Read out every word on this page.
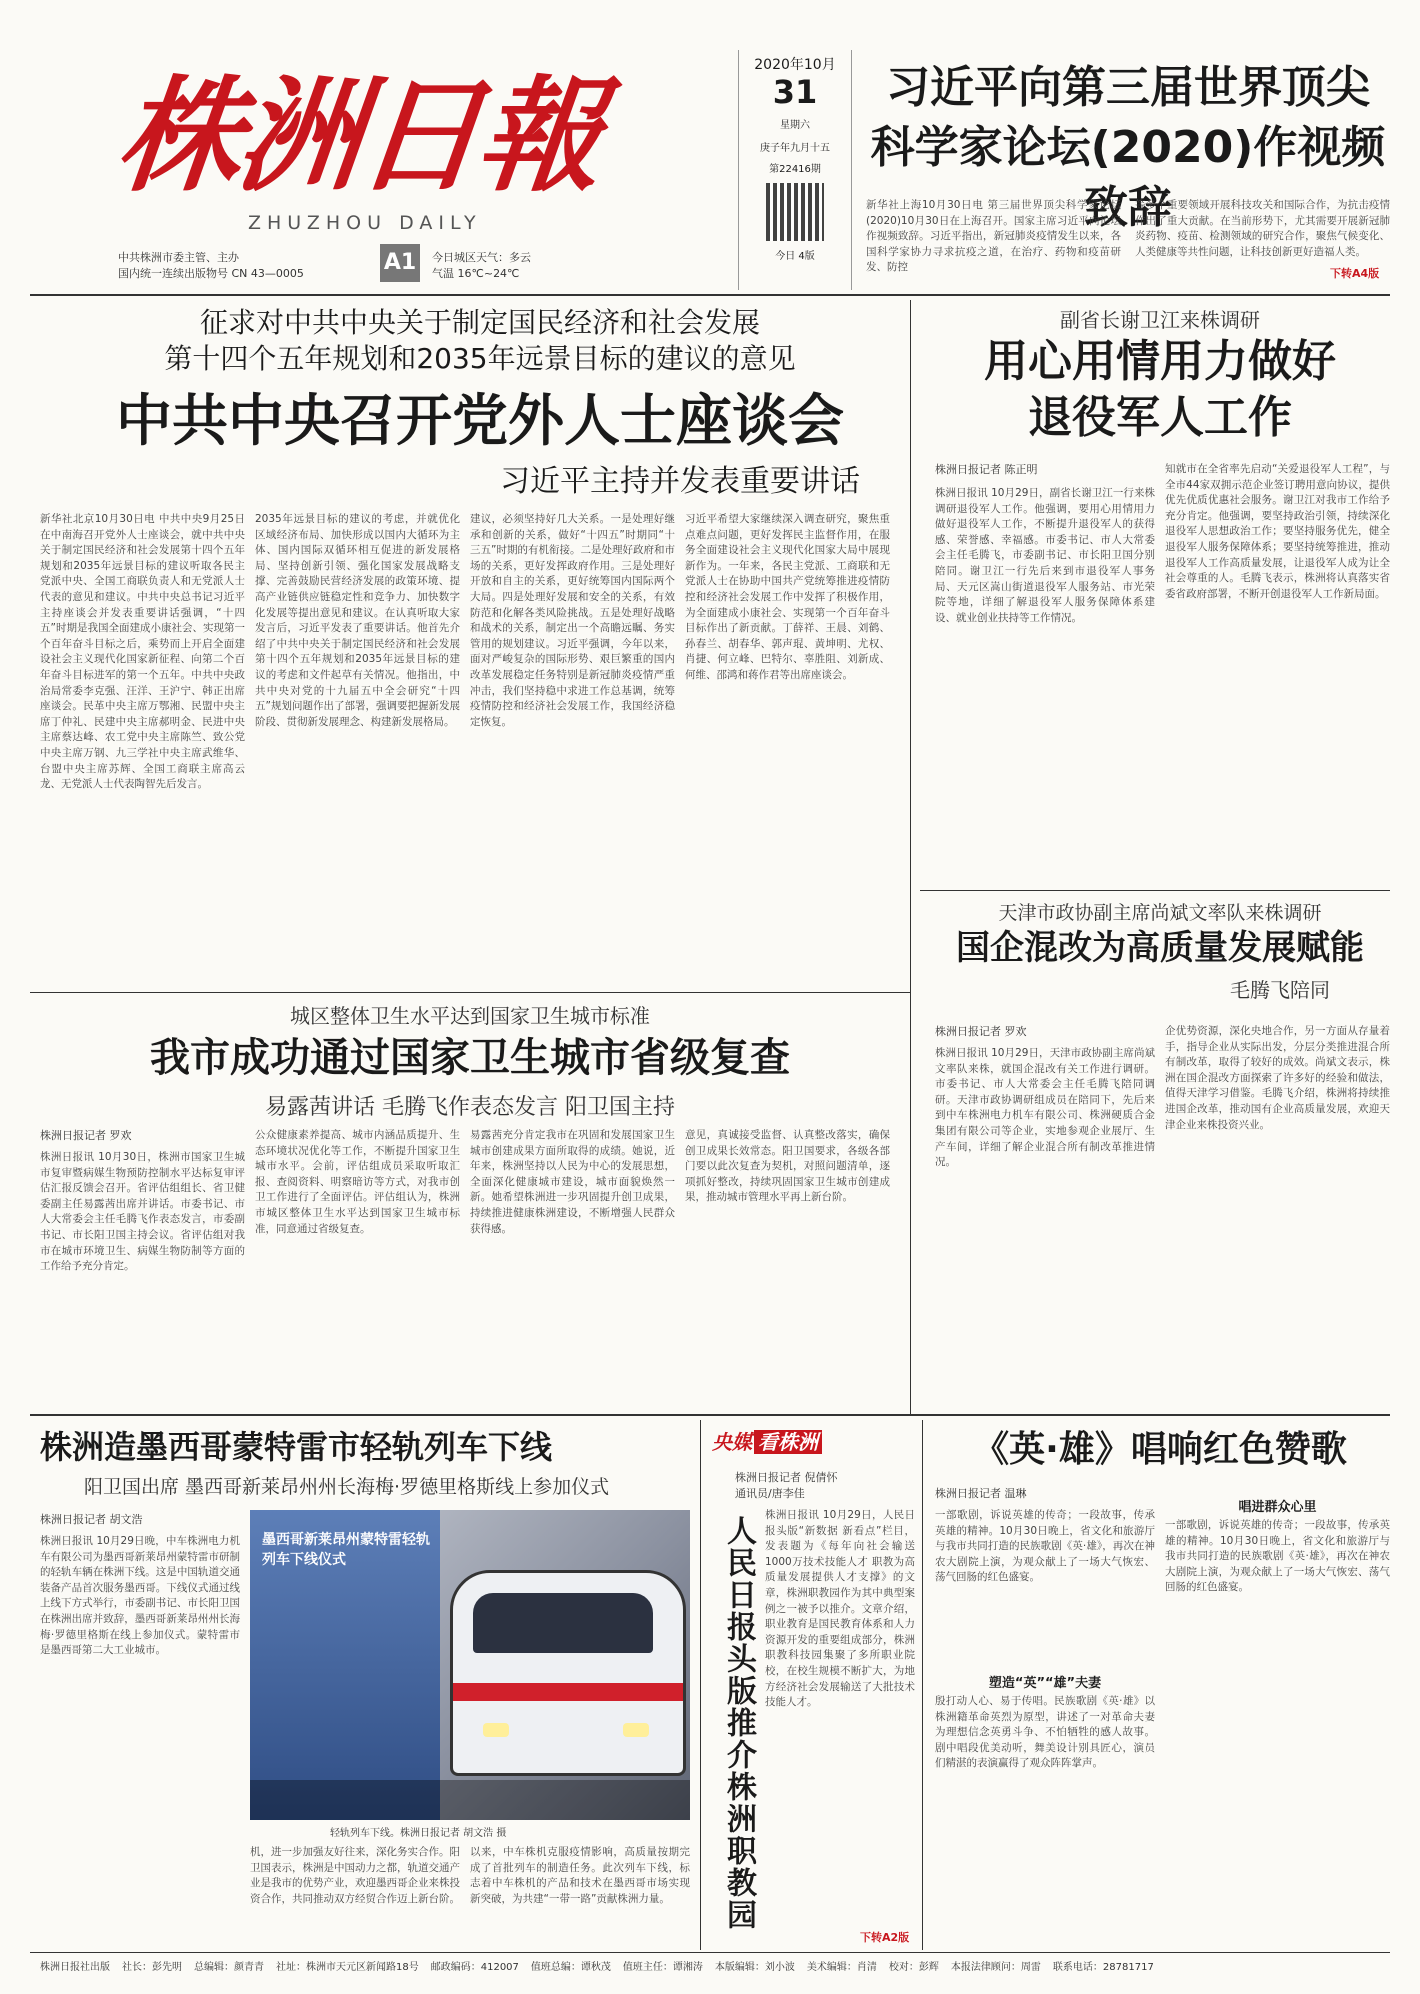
株洲日報
ZHUZHOU DAILY
中共株洲市委主管、主办
国内统一连续出版物号 CN 43—0005	A1	今日城区天气：多云
气温 16℃~24℃
2020年10月
31
星期六
庚子年九月十五
第22416期
今日 4版
习近平向第三届世界顶尖
科学家论坛(2020)作视频致辞
新华社上海10月30日电 第三届世界顶尖科学家论坛(2020)10月30日在上海召开。国家主席习近平向论坛作视频致辞。习近平指出，新冠肺炎疫情发生以来，各国科学家协力寻求抗疫之道，在治疗、药物和疫苗研发、防控
等多个重要领域开展科技攻关和国际合作，为抗击疫情作出了重大贡献。在当前形势下，尤其需要开展新冠肺炎药物、疫苗、检测领域的研究合作，聚焦气候变化、人类健康等共性问题，让科技创新更好造福人类。
下转A4版
征求对中共中央关于制定国民经济和社会发展
第十四个五年规划和2035年远景目标的建议的意见
中共中央召开党外人士座谈会
习近平主持并发表重要讲话
新华社北京10月30日电 中共中央9月25日在中南海召开党外人士座谈会，就中共中央关于制定国民经济和社会发展第十四个五年规划和2035年远景目标的建议听取各民主党派中央、全国工商联负责人和无党派人士代表的意见和建议。中共中央总书记习近平主持座谈会并发表重要讲话强调，“十四五”时期是我国全面建成小康社会、实现第一个百年奋斗目标之后，乘势而上开启全面建设社会主义现代化国家新征程、向第二个百年奋斗目标进军的第一个五年。中共中央政治局常委李克强、汪洋、王沪宁、韩正出席座谈会。民革中央主席万鄂湘、民盟中央主席丁仲礼、民建中央主席郝明金、民进中央主席蔡达峰、农工党中央主席陈竺、致公党中央主席万钢、九三学社中央主席武维华、台盟中央主席苏辉、全国工商联主席高云龙、无党派人士代表陶智先后发言。
2035年远景目标的建议的考虑，并就优化区域经济布局、加快形成以国内大循环为主体、国内国际双循环相互促进的新发展格局、坚持创新引领、强化国家发展战略支撑、完善鼓励民营经济发展的政策环境、提高产业链供应链稳定性和竞争力、加快数字化发展等提出意见和建议。在认真听取大家发言后，习近平发表了重要讲话。他首先介绍了中共中央关于制定国民经济和社会发展第十四个五年规划和2035年远景目标的建议的考虑和文件起草有关情况。他指出，中共中央对党的十九届五中全会研究“十四五”规划问题作出了部署，强调要把握新发展阶段、贯彻新发展理念、构建新发展格局。
建议，必须坚持好几大关系。一是处理好继承和创新的关系，做好“十四五”时期同“十三五”时期的有机衔接。二是处理好政府和市场的关系，更好发挥政府作用。三是处理好开放和自主的关系，更好统筹国内国际两个大局。四是处理好发展和安全的关系，有效防范和化解各类风险挑战。五是处理好战略和战术的关系，制定出一个高瞻远瞩、务实管用的规划建议。习近平强调，今年以来，面对严峻复杂的国际形势、艰巨繁重的国内改革发展稳定任务特别是新冠肺炎疫情严重冲击，我们坚持稳中求进工作总基调，统筹疫情防控和经济社会发展工作，我国经济稳定恢复。
习近平希望大家继续深入调查研究，聚焦重点难点问题，更好发挥民主监督作用，在服务全面建设社会主义现代化国家大局中展现新作为。一年来，各民主党派、工商联和无党派人士在协助中国共产党统筹推进疫情防控和经济社会发展工作中发挥了积极作用，为全面建成小康社会、实现第一个百年奋斗目标作出了新贡献。丁薛祥、王晨、刘鹤、孙春兰、胡春华、郭声琨、黄坤明、尤权、肖捷、何立峰、巴特尔、辜胜阻、刘新成、何维、邵鸿和蒋作君等出席座谈会。
副省长谢卫江来株调研
用心用情用力做好
退役军人工作
株洲日报记者 陈正明
株洲日报讯 10月29日，副省长谢卫江一行来株调研退役军人工作。他强调，要用心用情用力做好退役军人工作，不断提升退役军人的获得感、荣誉感、幸福感。市委书记、市人大常委会主任毛腾飞，市委副书记、市长阳卫国分别陪同。谢卫江一行先后来到市退役军人事务局、天元区嵩山街道退役军人服务站、市光荣院等地，详细了解退役军人服务保障体系建设、就业创业扶持等工作情况。
知就市在全省率先启动“关爱退役军人工程”，与全市44家双拥示范企业签订聘用意向协议，提供优先优质优惠社会服务。谢卫江对我市工作给予充分肯定。他强调，要坚持政治引领，持续深化退役军人思想政治工作；要坚持服务优先，健全退役军人服务保障体系；要坚持统筹推进，推动退役军人工作高质量发展，让退役军人成为让全社会尊重的人。毛腾飞表示，株洲将认真落实省委省政府部署，不断开创退役军人工作新局面。
天津市政协副主席尚斌文率队来株调研
国企混改为高质量发展赋能
毛腾飞陪同
株洲日报记者 罗欢
株洲日报讯 10月29日，天津市政协副主席尚斌文率队来株，就国企混改有关工作进行调研。市委书记、市人大常委会主任毛腾飞陪同调研。天津市政协调研组成员在陪同下，先后来到中车株洲电力机车有限公司、株洲硬质合金集团有限公司等企业，实地参观企业展厅、生产车间，详细了解企业混合所有制改革推进情况。
企优势资源，深化央地合作，另一方面从存量着手，指导企业从实际出发，分层分类推进混合所有制改革，取得了较好的成效。尚斌文表示，株洲在国企混改方面探索了许多好的经验和做法，值得天津学习借鉴。毛腾飞介绍，株洲将持续推进国企改革，推动国有企业高质量发展，欢迎天津企业来株投资兴业。
城区整体卫生水平达到国家卫生城市标准
我市成功通过国家卫生城市省级复查
易露茜讲话 毛腾飞作表态发言 阳卫国主持
株洲日报记者 罗欢
株洲日报讯 10月30日，株洲市国家卫生城市复审暨病媒生物预防控制水平达标复审评估汇报反馈会召开。省评估组组长、省卫健委副主任易露茜出席并讲话。市委书记、市人大常委会主任毛腾飞作表态发言，市委副书记、市长阳卫国主持会议。省评估组对我市在城市环境卫生、病媒生物防制等方面的工作给予充分肯定。
公众健康素养提高、城市内涵品质提升、生态环境状况优化等工作，不断提升国家卫生城市水平。会前，评估组成员采取听取汇报、查阅资料、明察暗访等方式，对我市创卫工作进行了全面评估。评估组认为，株洲市城区整体卫生水平达到国家卫生城市标准，同意通过省级复查。
易露茜充分肯定我市在巩固和发展国家卫生城市创建成果方面所取得的成绩。她说，近年来，株洲坚持以人民为中心的发展思想，全面深化健康城市建设，城市面貌焕然一新。她希望株洲进一步巩固提升创卫成果，持续推进健康株洲建设，不断增强人民群众获得感。
意见，真诚接受监督、认真整改落实，确保创卫成果长效常态。阳卫国要求，各级各部门要以此次复查为契机，对照问题清单，逐项抓好整改，持续巩固国家卫生城市创建成果，推动城市管理水平再上新台阶。
株洲造墨西哥蒙特雷市轻轨列车下线
阳卫国出席 墨西哥新莱昂州州长海梅·罗德里格斯线上参加仪式
株洲日报记者 胡文浩
株洲日报讯 10月29日晚，中车株洲电力机车有限公司为墨西哥新莱昂州蒙特雷市研制的轻轨车辆在株洲下线。这是中国轨道交通装备产品首次服务墨西哥。下线仪式通过线上线下方式举行，市委副书记、市长阳卫国在株洲出席并致辞，墨西哥新莱昂州州长海梅·罗德里格斯在线上参加仪式。蒙特雷市是墨西哥第二大工业城市。
墨西哥新莱昂州蒙特雷轻轨列车下线仪式
轻轨列车下线。株洲日报记者 胡文浩 摄
机，进一步加强友好往来，深化务实合作。阳卫国表示，株洲是中国动力之都，轨道交通产业是我市的优势产业，欢迎墨西哥企业来株投资合作，共同推动双方经贸合作迈上新台阶。
以来，中车株机克服疫情影响，高质量按期完成了首批列车的制造任务。此次列车下线，标志着中车株机的产品和技术在墨西哥市场实现新突破，为共建“一带一路”贡献株洲力量。
央媒 看株洲
株洲日报记者 倪倩怀
通讯员/唐李佳
人民日报头版推介株洲职教园 株洲日报讯 10月29日，人民日报头版“新数据 新看点”栏目，发表题为《每年向社会输送1000万技术技能人才 职教为高质量发展提供人才支撑》的文章，株洲职教园作为其中典型案例之一被予以推介。文章介绍，职业教育是国民教育体系和人力资源开发的重要组成部分，株洲职教科技园集聚了多所职业院校，在校生规模不断扩大，为地方经济社会发展输送了大批技术技能人才。
下转A2版
《英·雄》唱响红色赞歌
株洲日报记者 温琳
一部歌剧，诉说英雄的传奇；一段故事，传承英雄的精神。10月30日晚上，省文化和旅游厅与我市共同打造的民族歌剧《英·雄》，再次在神农大剧院上演，为观众献上了一场大气恢宏、荡气回肠的红色盛宴。
塑造“英”“雄”夫妻
殷打动人心、易于传唱。民族歌剧《英·雄》以株洲籍革命英烈为原型，讲述了一对革命夫妻为理想信念英勇斗争、不怕牺牲的感人故事。剧中唱段优美动听，舞美设计别具匠心，演员们精湛的表演赢得了观众阵阵掌声。
唱进群众心里
一部歌剧，诉说英雄的传奇；一段故事，传承英雄的精神。10月30日晚上，省文化和旅游厅与我市共同打造的民族歌剧《英·雄》，再次在神农大剧院上演，为观众献上了一场大气恢宏、荡气回肠的红色盛宴。
株洲日报社出版 社长：彭先明 总编辑：颜青青 社址：株洲市天元区新闻路18号 邮政编码：412007 值班总编：谭秋茂 值班主任：谭湘涛 本版编辑：刘小波 美术编辑：肖清 校对：彭辉 本报法律顾问：周雷 联系电话：28781717
